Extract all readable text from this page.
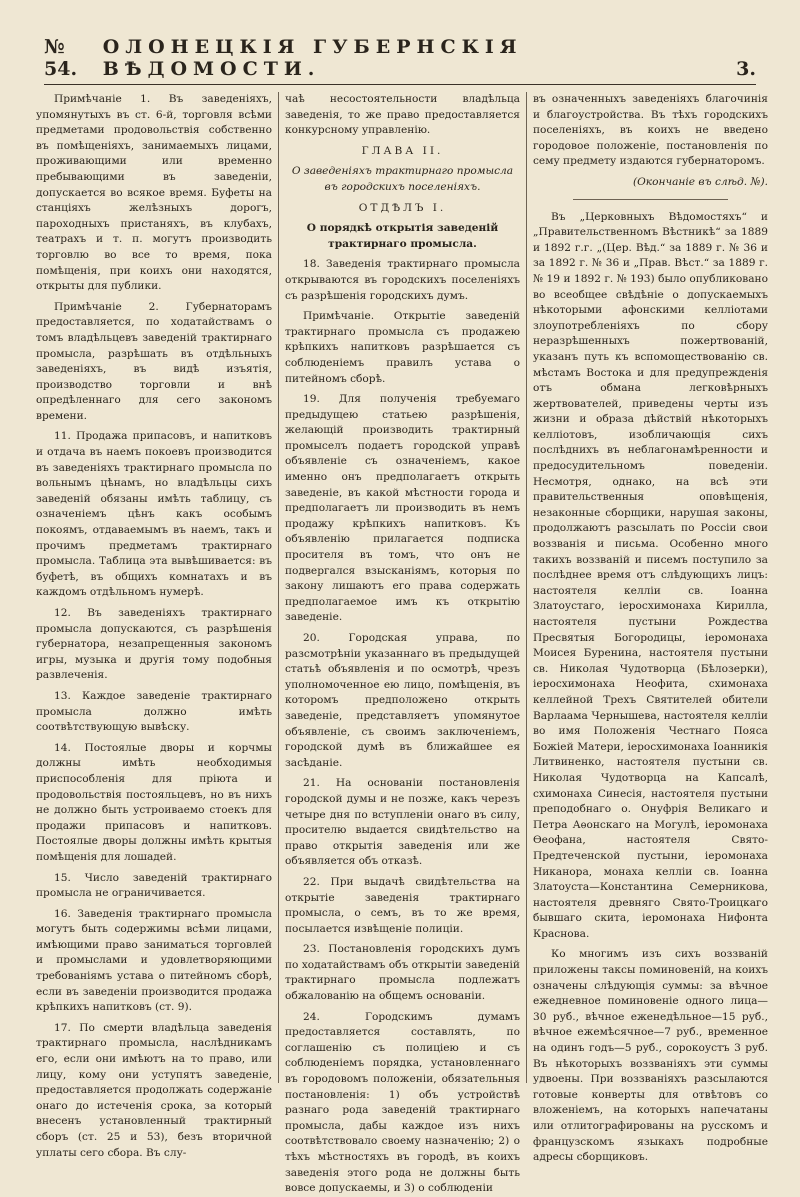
№ 54.
ОЛОНЕЦКІЯ ГУБЕРНСКІЯ ВѢДОМОСТИ.	3.

Примѣчаніе 1. Въ заведеніяхъ, упомянутыхъ въ ст. 6-й, торговля всѣми предметами продовольствія собственно въ помѣщеніяхъ, занимаемыхъ лицами, проживающими или временно пребывающими въ заведеніи, допускается во всякое время. Буфеты на станціяхъ желѣзныхъ дорогъ, пароходныхъ пристаняхъ, въ клубахъ, театрахъ и т. п. могутъ производить торговлю во все то время, пока помѣщенія, при коихъ они находятся, открыты для публики.

Примѣчаніе 2. Губернаторамъ предоставляется, по ходатайствамъ о томъ владѣльцевъ заведеній трактирнаго промысла, разрѣшать въ отдѣльныхъ заведеніяхъ, въ видѣ изъятія, производство торговли и внѣ опредѣленнаго для сего закономъ времени.

11. Продажа припасовъ, и напитковъ и отдача въ наемъ покоевъ производится въ заведеніяхъ трактирнаго промысла по вольнымъ цѣнамъ, но владѣльцы сихъ заведеній обязаны имѣть таблицу, съ означеніемъ цѣнъ какъ особымъ покоямъ, отдаваемымъ въ наемъ, такъ и прочимъ предметамъ трактирнаго промысла. Таблица эта вывѣшивается: въ буфетѣ, въ общихъ комнатахъ и въ каждомъ отдѣльномъ нумерѣ.

12. Въ заведеніяхъ трактирнаго промысла допускаются, съ разрѣшенія губернатора, незапрещенныя закономъ игры, музыка и другія тому подобныя развлеченія.

13. Каждое заведеніе трактирнаго промысла должно имѣть соотвѣтствующую вывѣску.

14. Постоялые дворы и корчмы должны имѣть необходимыя приспособленія для пріюта и продовольствія постояльцевъ, но въ нихъ не должно быть устроиваемо стоекъ для продажи припасовъ и напитковъ. Постоялые дворы должны имѣть крытыя помѣщенія для лошадей.

15. Число заведеній трактирнаго промысла не ограничивается.

16. Заведенія трактирнаго промысла могутъ быть содержимы всѣми лицами, имѣющими право заниматься торговлей и промыслами и удовлетворяющими требованіямъ устава о питейномъ сборѣ, если въ заведеніи производится продажа крѣпкихъ напитковъ (ст. 9).

17. По смерти владѣльца заведенія трактирнаго промысла, наслѣдникамъ его, если они имѣютъ на то право, или лицу, кому они уступятъ заведеніе, предоставляется продолжать содержаніе онаго до истеченія срока, за который внесенъ установленный трактирный сборъ (ст. 25 и 53), безъ вторичной уплаты сего сбора. Въ слу-

чаѣ несостоятельности владѣльца заведенія, то же право предоставляется конкурсному управленію.

ГЛАВА II.

О заведеніяхъ трактирнаго промысла въ городскихъ поселеніяхъ.

ОТДѢЛЪ I.

О порядкѣ открытія заведеній трактирнаго промысла.

18. Заведенія трактирнаго промысла открываются въ городскихъ поселеніяхъ съ разрѣшенія городскихъ думъ.

Примѣчаніе. Открытіе заведеній трактирнаго промысла съ продажею крѣпкихъ напитковъ разрѣшается съ соблюденіемъ правилъ устава о питейномъ сборѣ.

19. Для полученія требуемаго предыдущею статьею разрѣшенія, желающій производить трактирный промыселъ подаетъ городской управѣ объявленіе съ означеніемъ, какое именно онъ предполагаетъ открыть заведеніе, въ какой мѣстности города и предполагаетъ ли производить въ немъ продажу крѣпкихъ напитковъ. Къ объявленію прилагается подписка просителя въ томъ, что онъ не подвергался взысканіямъ, которыя по закону лишаютъ его права содержать предполагаемое имъ къ открытію заведеніе.

20. Городская управа, по разсмотрѣніи указаннаго въ предыдущей статьѣ объявленія и по осмотрѣ, чрезъ уполномоченное ею лицо, помѣщенія, въ которомъ предположено открыть заведеніе, представляетъ упомянутое объявленіе, съ своимъ заключеніемъ, городской думѣ въ ближайшее ея засѣданіе.

21. На основаніи постановленія городской думы и не позже, какъ черезъ четыре дня по вступленіи онаго въ силу, просителю выдается свидѣтельство на право открытія заведенія или же объявляется объ отказѣ.

22. При выдачѣ свидѣтельства на открытіе заведенія трактирнаго промысла, о семъ, въ то же время, посылается извѣщеніе полиціи.

23. Постановленія городскихъ думъ по ходатайствамъ объ открытіи заведеній трактирнаго промысла подлежатъ обжалованію на общемъ основаніи.

24. Городскимъ думамъ предоставляется составлять, по соглашенію съ полиціею и съ соблюденіемъ порядка, установленнаго въ городовомъ положеніи, обязательныя постановленія: 1) объ устройствѣ разнаго рода заведеній трактирнаго промысла, дабы каждое изъ нихъ соотвѣтствовало своему назначенію; 2) о тѣхъ мѣстностяхъ въ городѣ, въ коихъ заведенія этого рода не должны быть вовсе допускаемы, и 3) о соблюденіи

въ означенныхъ заведеніяхъ благочинія и благоустройства. Въ тѣхъ городскихъ поселеніяхъ, въ коихъ не введено городовое положеніе, постановленія по сему предмету издаются губернаторомъ.

(Окончаніе въ слѣд. №).

Въ „Церковныхъ Вѣдомостяхъ“ и „Правительственномъ Вѣстникѣ“ за 1889 и 1892 г.г. „(Цер. Вѣд.“ за 1889 г. № 36 и за 1892 г. № 36 и „Прав. Вѣст.“ за 1889 г. № 19 и 1892 г. № 193) было опубликовано во всеобщее свѣдѣніе о допускаемыхъ нѣкоторыми афонскими келліотами злоупотребленіяхъ по сбору неразрѣшенныхъ пожертвованій, указанъ путь къ вспомоществованію св. мѣстамъ Востока и для предупрежденія отъ обмана легковѣрныхъ жертвователей, приведены черты изъ жизни и образа дѣйствій нѣкоторыхъ келліотовъ, изобличающія сихъ послѣднихъ въ неблагонамѣренности и предосудительномъ поведеніи. Несмотря, однако, на всѣ эти правительственныя оповѣщенія, незаконные сборщики, нарушая законы, продолжаютъ разсылать по Россіи свои воззванія и письма. Особенно много такихъ воззваній и писемъ поступило за послѣднее время отъ слѣдующихъ лицъ: настоятеля келліи св. Іоанна Златоустаго, іеросхимонаха Кирилла, настоятеля пустыни Рождества Пресвятыя Богородицы, іеромонаха Моисея Буренина, настоятеля пустыни св. Николая Чудотворца (Бѣлозерки), іеросхимонаха Неофита, схимонаха келлейной Трехъ Святителей обители Варлаама Чернышева, настоятеля келліи во имя Положенія Честнаго Пояса Божіей Матери, іеросхимонаха Іоанникія Литвиненко, настоятеля пустыни св. Николая Чудотворца на Капсалѣ, схимонаха Синесія, настоятеля пустыни преподобнаго о. Онуфрія Великаго и Петра Аѳонскаго на Могулѣ, іеромонаха Ѳеофана, настоятеля Свято-Предтеченской пустыни, іеромонаха Никанора, монаха келліи св. Іоанна Златоуста—Константина Семерникова, настоятеля древняго Свято-Троицкаго бывшаго скита, іеромонаха Нифонта Краснова.

Ко многимъ изъ сихъ воззваній приложены таксы поминовеній, на коихъ означены слѣдующія суммы: за вѣчное ежедневное поминовеніе одного лица—30 руб., вѣчное еженедѣльное—15 руб., вѣчное ежемѣсячное—7 руб., временное на одинъ годъ—5 руб., сорокоустъ 3 руб. Въ нѣкоторыхъ воззваніяхъ эти суммы удвоены. При воззваніяхъ разсылаются готовые конверты для отвѣтовъ со вложеніемъ, на которыхъ напечатаны или отлитографированы на русскомъ и французскомъ языкахъ подробные адресы сборщиковъ.
